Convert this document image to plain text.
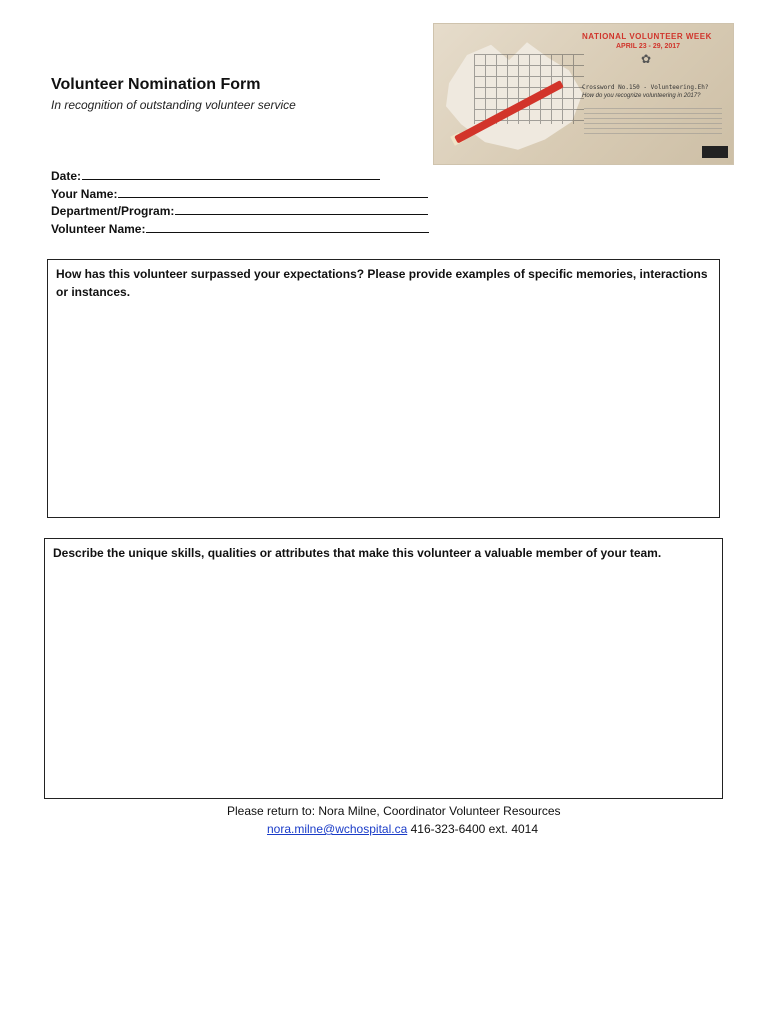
Volunteer Nomination Form
In recognition of outstanding volunteer service
NATIONAL VOLUNTEER WEEK
APRIL 23 - 29, 2017
✿
Crossword No.150 - Volunteering.Eh?
How do you recognize volunteering in 2017?
Date:
Your Name:
Department/Program:
Volunteer Name:
How has this volunteer surpassed your expectations? Please provide examples of specific memories, interactions or instances.
Describe the unique skills, qualities or attributes that make this volunteer a valuable member of your team.
Please return to: Nora Milne, Coordinator Volunteer Resources
nora.milne@wchospital.ca 416-323-6400 ext. 4014
